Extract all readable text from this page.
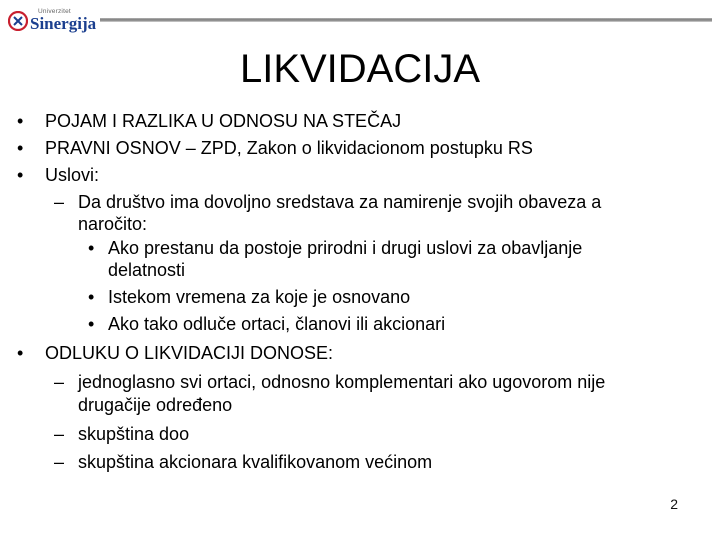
Univerzitet
Sinergija
LIKVIDACIJA
• POJAM I RAZLIKA U ODNOSU NA STEČAJ
• PRAVNI OSNOV – ZPD, Zakon o likvidacionom postupku RS
• Uslovi:
– Da društvo ima dovoljno sredstava za namirenje svojih obaveza a
naročito:
• Ako prestanu da postoje prirodni i drugi uslovi za obavljanje
delatnosti
• Istekom vremena za koje je osnovano
• Ako tako odluče ortaci, članovi ili akcionari
• ODLUKU O LIKVIDACIJI DONOSE:
– jednoglasno svi ortaci, odnosno komplementari ako ugovorom nije
drugačije određeno
– skupština doo
– skupština akcionara kvalifikovanom većinom
2
